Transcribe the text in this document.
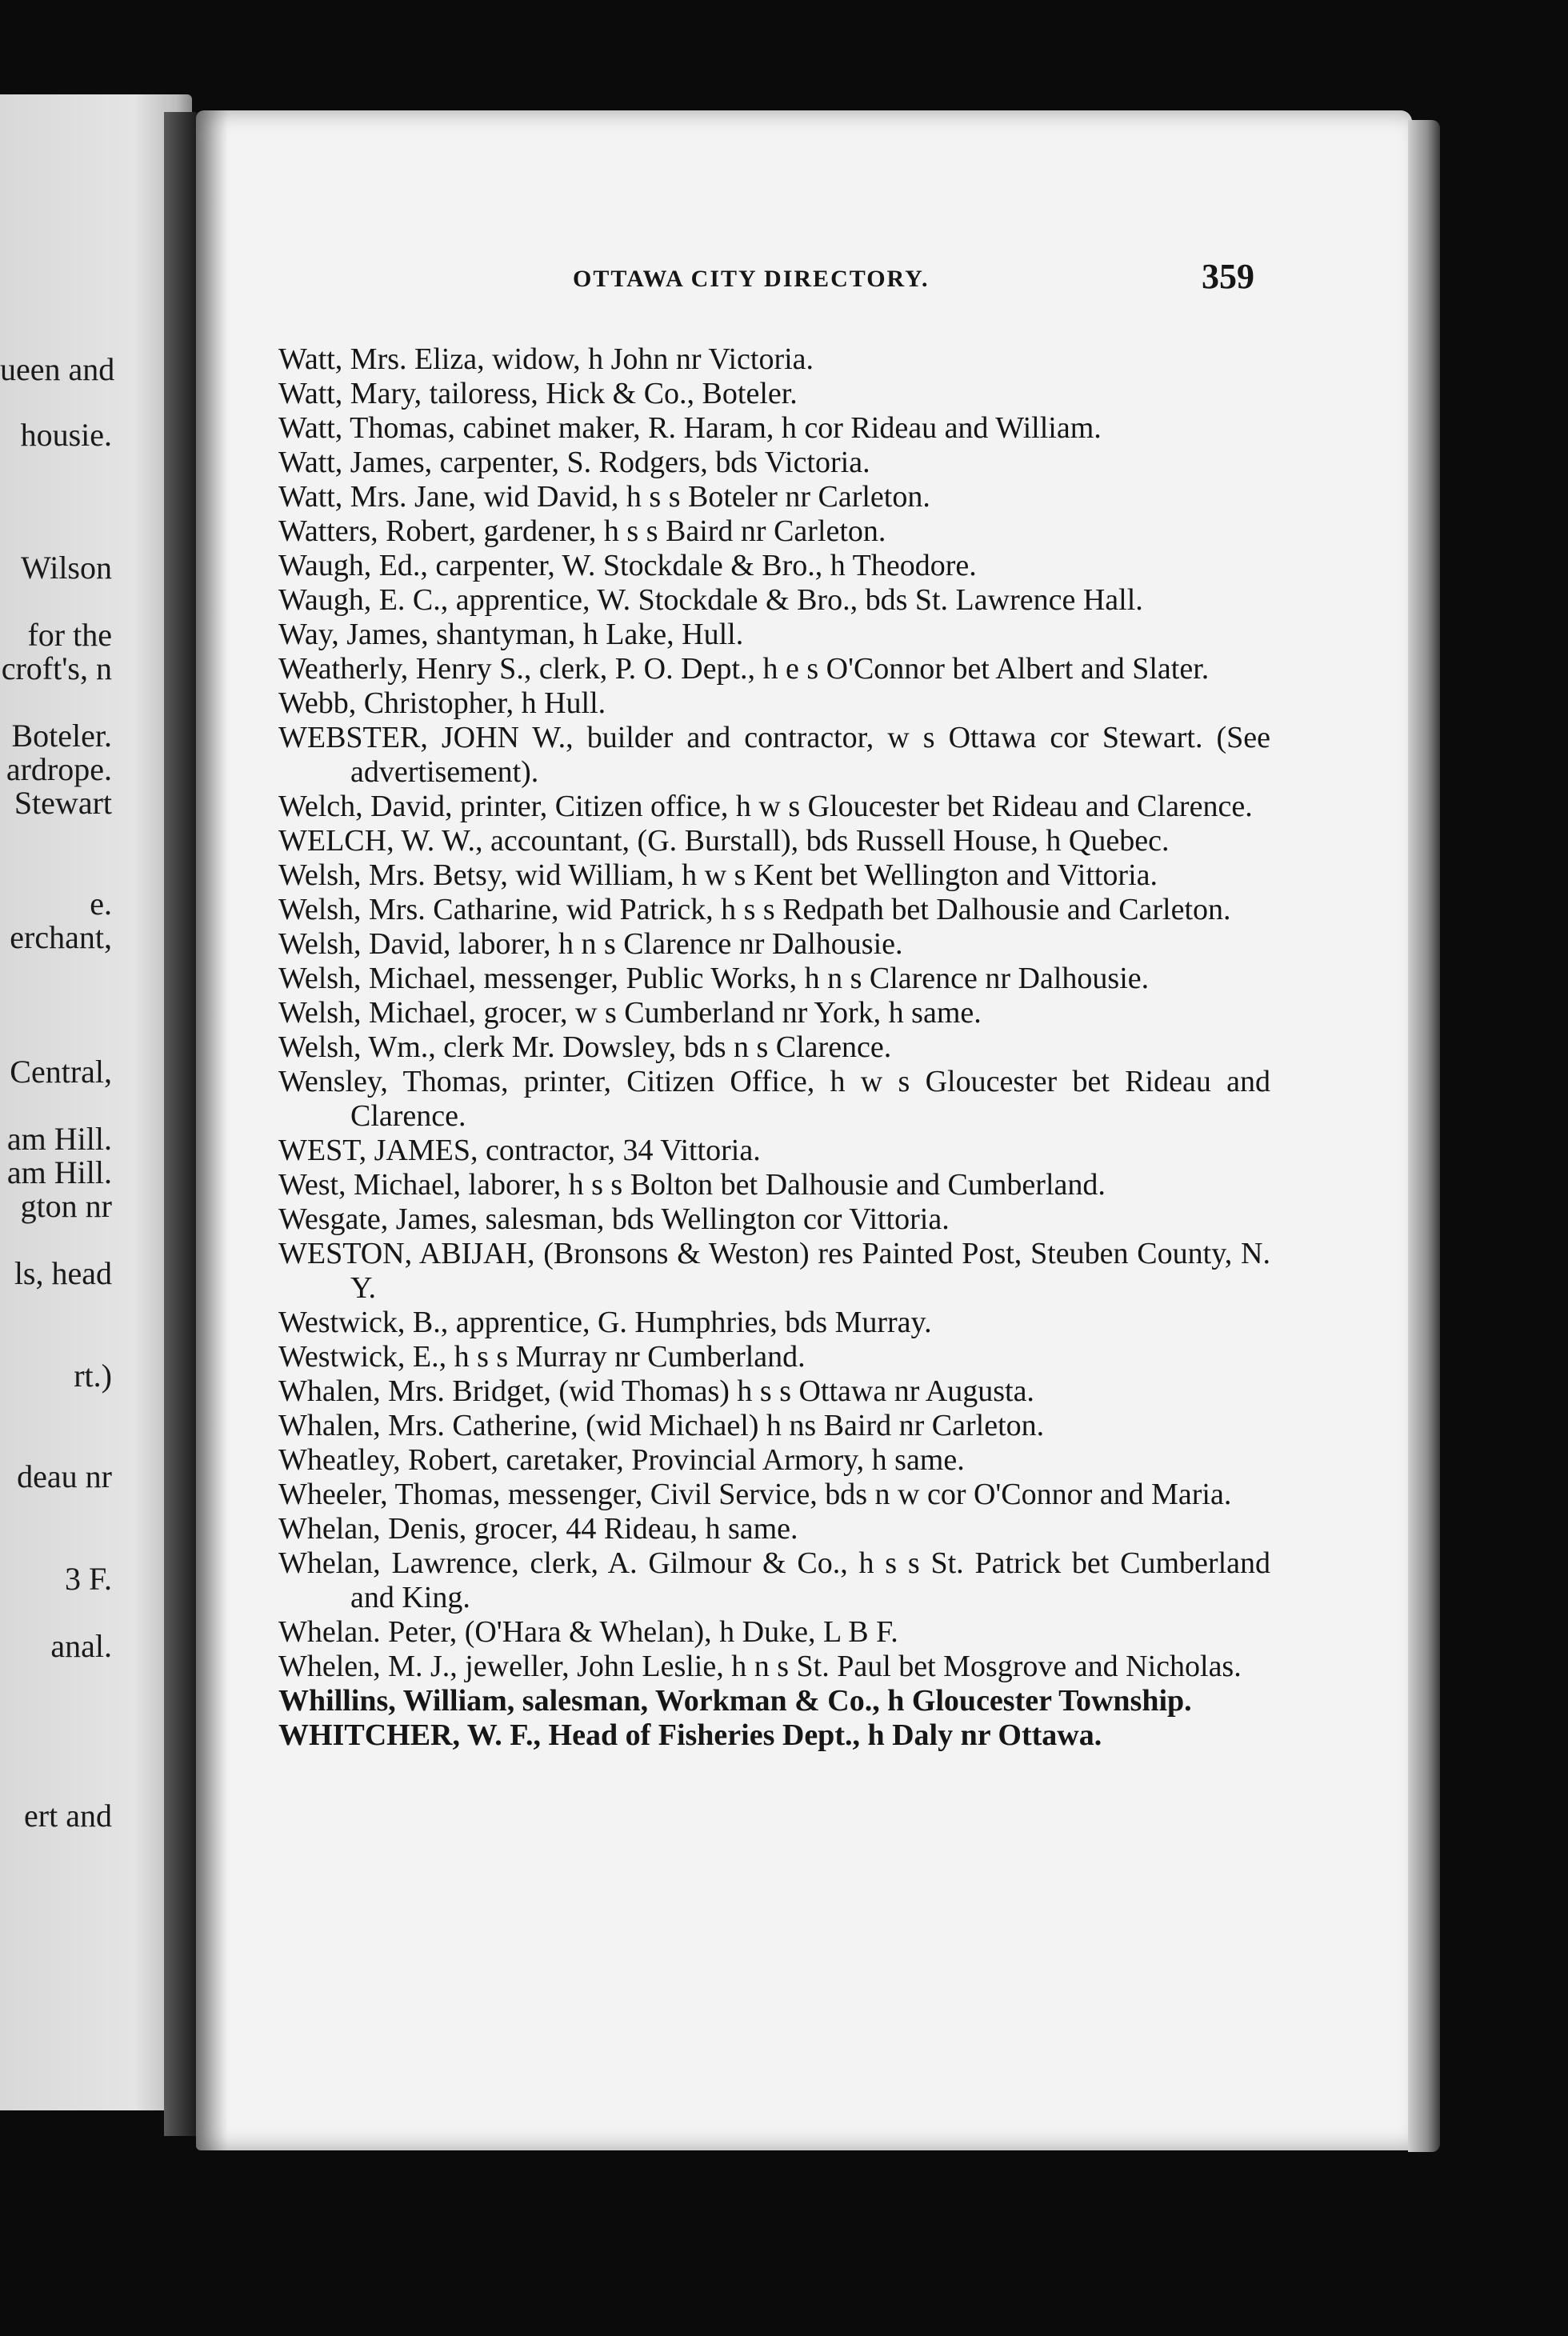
ueen and
housie.
Wilson
for the
croft's, n
Boteler.
ardrope.
Stewart
e.
erchant,
Central,
am Hill.
am Hill.
gton nr
ls, head
rt.)
deau nr
3 F.
anal.
ert and
OTTAWA CITY DIRECTORY.	359

Watt, Mrs. Eliza, widow, h John nr Victoria.

Watt, Mary, tailoress, Hick & Co., Boteler.

Watt, Thomas, cabinet maker, R. Haram, h cor Rideau and William.

Watt, James, carpenter, S. Rodgers, bds Victoria.

Watt, Mrs. Jane, wid David, h s s Boteler nr Carleton.

Watters, Robert, gardener, h s s Baird nr Carleton.

Waugh, Ed., carpenter, W. Stockdale & Bro., h Theodore.

Waugh, E. C., apprentice, W. Stockdale & Bro., bds St. Lawrence Hall.

Way, James, shantyman, h Lake, Hull.

Weatherly, Henry S., clerk, P. O. Dept., h e s O'Connor bet Albert and Slater.

Webb, Christopher, h Hull.

WEBSTER, JOHN W., builder and contractor, w s Ottawa cor Stewart. (See advertisement).

Welch, David, printer, Citizen office, h w s Gloucester bet Rideau and Clarence.

WELCH, W. W., accountant, (G. Burstall), bds Russell House, h Quebec.

Welsh, Mrs. Betsy, wid William, h w s Kent bet Wellington and Vittoria.

Welsh, Mrs. Catharine, wid Patrick, h s s Redpath bet Dalhousie and Carleton.

Welsh, David, laborer, h n s Clarence nr Dalhousie.

Welsh, Michael, messenger, Public Works, h n s Clarence nr Dalhousie.

Welsh, Michael, grocer, w s Cumberland nr York, h same.

Welsh, Wm., clerk Mr. Dowsley, bds n s Clarence.

Wensley, Thomas, printer, Citizen Office, h w s Gloucester bet Rideau and Clarence.

WEST, JAMES, contractor, 34 Vittoria.

West, Michael, laborer, h s s Bolton bet Dalhousie and Cumberland.

Wesgate, James, salesman, bds Wellington cor Vittoria.

WESTON, ABIJAH, (Bronsons & Weston) res Painted Post, Steuben County, N. Y.

Westwick, B., apprentice, G. Humphries, bds Murray.

Westwick, E., h s s Murray nr Cumberland.

Whalen, Mrs. Bridget, (wid Thomas) h s s Ottawa nr Augusta.

Whalen, Mrs. Catherine, (wid Michael) h ns Baird nr Carleton.

Wheatley, Robert, caretaker, Provincial Armory, h same.

Wheeler, Thomas, messenger, Civil Service, bds n w cor O'Connor and Maria.

Whelan, Denis, grocer, 44 Rideau, h same.

Whelan, Lawrence, clerk, A. Gilmour & Co., h s s St. Patrick bet Cumberland and King.

Whelan. Peter, (O'Hara & Whelan), h Duke, L B F.

Whelen, M. J., jeweller, John Leslie, h n s St. Paul bet Mosgrove and Nicholas.

Whillins, William, salesman, Workman & Co., h Gloucester Township.

WHITCHER, W. F., Head of Fisheries Dept., h Daly nr Ottawa.
